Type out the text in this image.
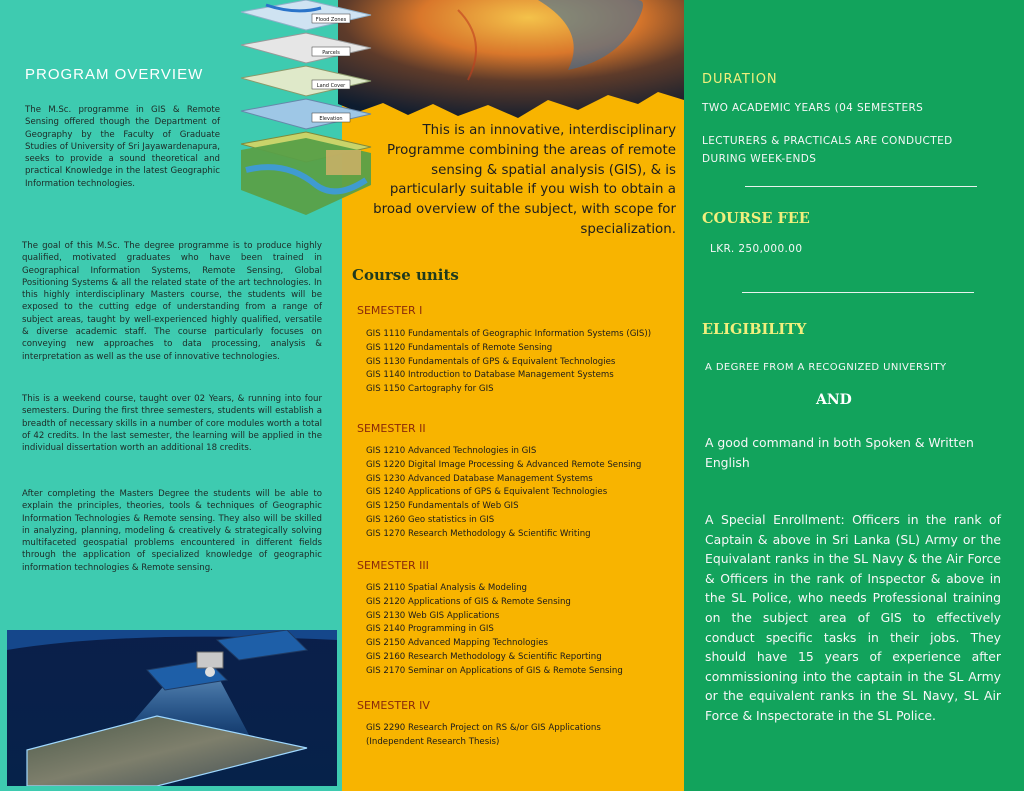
PROGRAM OVERVIEW
The M.Sc. programme in GIS & Remote Sensing offered though the Department of Geography by the Faculty of Graduate Studies of University of Sri Jayawardenapura, seeks to provide a sound theoretical and practical Knowledge in the latest Geographic Information technologies.
The goal of this M.Sc. The degree programme is to produce highly qualified, motivated graduates who have been trained in Geographical Information Systems, Remote Sensing, Global Positioning Systems & all the related state of the art technologies. In this highly interdisciplinary Masters course, the students will be exposed to the cutting edge of understanding from a range of subject areas, taught by well-experienced highly qualified, versatile & diverse academic staff. The course particularly focuses on conveying new approaches to data processing, analysis & interpretation as well as the use of innovative technologies.
This is a weekend course, taught over 02 Years, & running into four semesters. During the first three semesters, students will establish a breadth of necessary skills in a number of core modules worth a total of 42 credits. In the last semester, the learning will be applied in the individual dissertation worth an additional 18 credits.
After completing the Masters Degree the students will be able to explain the principles, theories, tools & techniques of Geographic Information Technologies & Remote sensing. They also will be skilled in analyzing, planning, modeling & creatively & strategically solving multifaceted geospatial problems encountered in different fields through the application of specialized knowledge of geographic information technologies & Remote sensing.
Flood Zones
Parcels
Land Cover
Elevation
This is an innovative, interdisciplinary Programme combining the areas of remote sensing & spatial analysis (GIS), & is particularly suitable if you wish to obtain a broad overview of the subject, with scope for specialization.
Course units
SEMESTER I
GIS 1110 Fundamentals of Geographic Information Systems (GIS))
GIS 1120 Fundamentals of Remote Sensing
GIS 1130 Fundamentals of GPS & Equivalent Technologies
GIS 1140 Introduction to Database Management Systems
GIS 1150 Cartography for GIS
SEMESTER II
GIS 1210 Advanced Technologies in GIS
GIS 1220 Digital Image Processing & Advanced Remote Sensing
GIS 1230 Advanced Database Management Systems
GIS 1240 Applications of GPS & Equivalent Technologies
GIS 1250 Fundamentals of Web GIS
GIS 1260 Geo statistics in GIS
GIS 1270 Research Methodology & Scientific Writing
SEMESTER III
GIS 2110 Spatial Analysis & Modeling
GIS 2120 Applications of GIS & Remote Sensing
GIS 2130 Web GIS Applications
GIS 2140 Programming in GIS
GIS 2150 Advanced Mapping Technologies
GIS 2160 Research Methodology & Scientific Reporting
GIS 2170 Seminar on Applications of GIS & Remote Sensing
SEMESTER IV
GIS 2290 Research Project on RS &/or GIS Applications
(Independent Research Thesis)
DURATION
TWO ACADEMIC YEARS (04 SEMESTERS
LECTURERS & PRACTICALS ARE CONDUCTED
DURING WEEK-ENDS
COURSE FEE
LKR. 250,000.00
ELIGIBILITY
A DEGREE FROM A RECOGNIZED UNIVERSITY
AND
A good command in both Spoken & Written English
A Special Enrollment: Officers in the rank of Captain & above in Sri Lanka (SL) Army or the Equivalant ranks in the SL Navy & the Air Force & Officers in the rank of Inspector & above in the SL Police, who needs Professional training on the subject area of GIS to effectively conduct specific tasks in their jobs. They should have 15 years of experience after commissioning into the captain in the SL Army or the equivalent ranks in the SL Navy, SL Air Force & Inspectorate in the SL Police.
